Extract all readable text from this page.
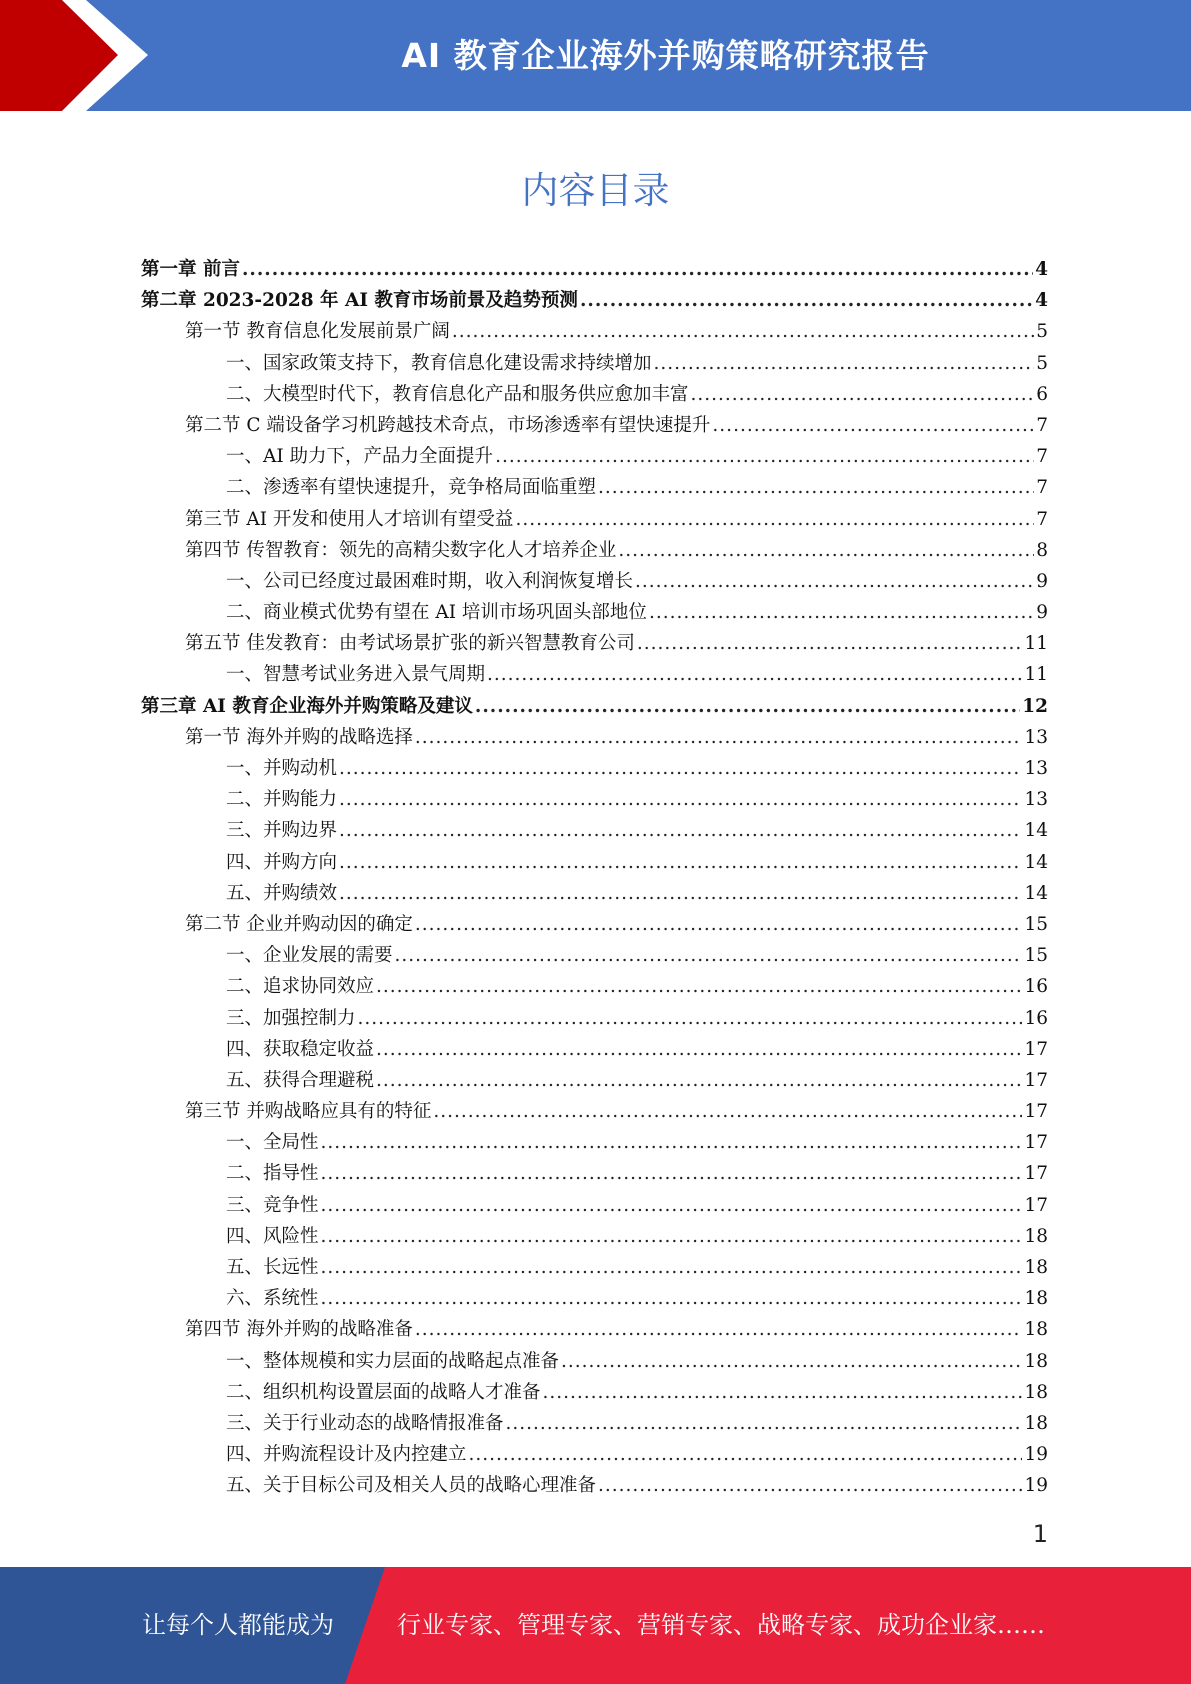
AI 教育企业海外并购策略研究报告
内容目录
第一章 前言 .....	4
第二章 2023-2028 年 AI 教育市场前景及趋势预测 .....	4
第一节 教育信息化发展前景广阔 .....	5
一、国家政策支持下，教育信息化建设需求持续增加 .....	5
二、大模型时代下，教育信息化产品和服务供应愈加丰富 .....	6
第二节 C 端设备学习机跨越技术奇点，市场渗透率有望快速提升 .....	7
一、AI 助力下，产品力全面提升 .....	7
二、渗透率有望快速提升，竞争格局面临重塑 .....	7
第三节 AI 开发和使用人才培训有望受益 .....	7
第四节 传智教育：领先的高精尖数字化人才培养企业 .....	8
一、公司已经度过最困难时期，收入利润恢复增长 .....	9
二、商业模式优势有望在 AI 培训市场巩固头部地位 .....	9
第五节 佳发教育：由考试场景扩张的新兴智慧教育公司 .....	11
一、智慧考试业务进入景气周期 .....	11
第三章 AI 教育企业海外并购策略及建议 .....	12
第一节 海外并购的战略选择 .....	13
一、并购动机 .....	13
二、并购能力 .....	13
三、并购边界 .....	14
四、并购方向 .....	14
五、并购绩效 .....	14
第二节 企业并购动因的确定 .....	15
一、企业发展的需要 .....	15
二、追求协同效应 .....	16
三、加强控制力 .....	16
四、获取稳定收益 .....	17
五、获得合理避税 .....	17
第三节 并购战略应具有的特征 .....	17
一、全局性 .....	17
二、指导性 .....	17
三、竞争性 .....	17
四、风险性 .....	18
五、长远性 .....	18
六、系统性 .....	18
第四节 海外并购的战略准备 .....	18
一、整体规模和实力层面的战略起点准备 .....	18
二、组织机构设置层面的战略人才准备 .....	18
三、关于行业动态的战略情报准备 .....	18
四、并购流程设计及内控建立 .....	19
五、关于目标公司及相关人员的战略心理准备 .....	19
1
让每个人都能成为	行业专家、管理专家、营销专家、战略专家、成功企业家……
